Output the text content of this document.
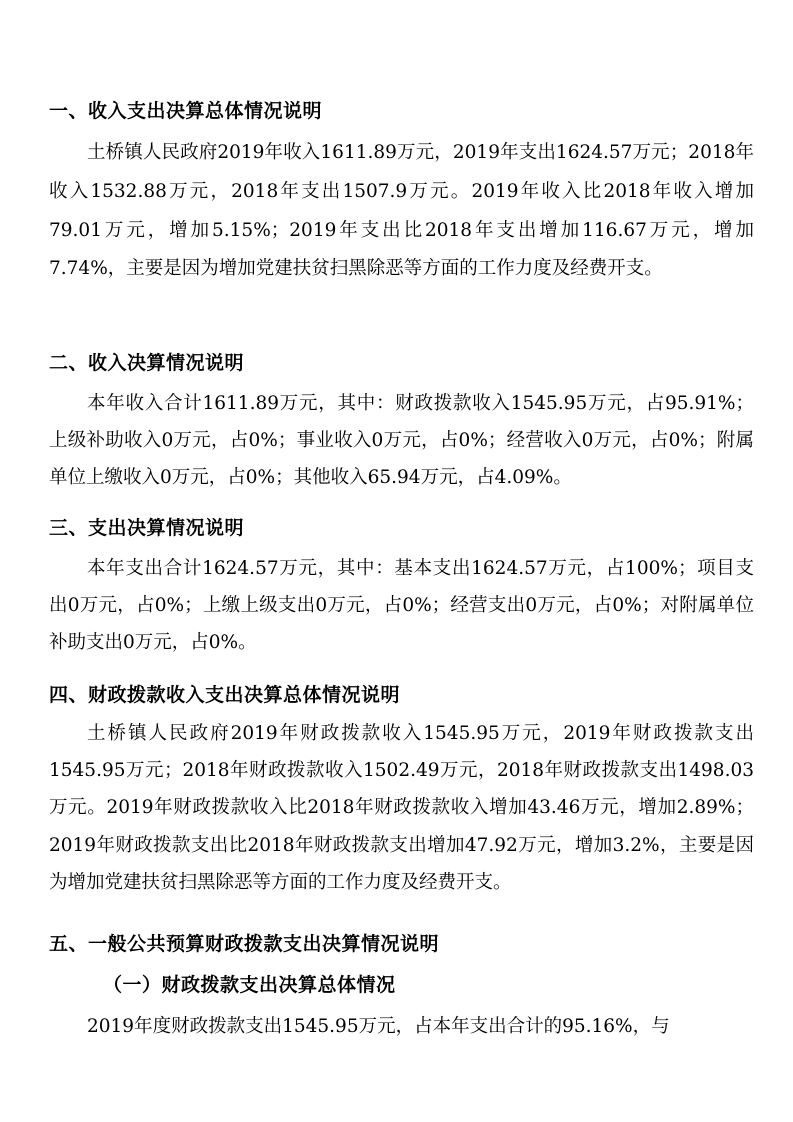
一、收入支出决算总体情况说明

土桥镇人民政府2019年收入1611.89万元，2019年支出1624.57万元；2018年收入1532.88万元，2018年支出1507.9万元。2019年收入比2018年收入增加79.01万元，增加5.15%；2019年支出比2018年支出增加116.67万元，增加7.74%，主要是因为增加党建扶贫扫黑除恶等方面的工作力度及经费开支。

二、收入决算情况说明

本年收入合计1611.89万元，其中：财政拨款收入1545.95万元，占95.91%；上级补助收入0万元，占0%；事业收入0万元，占0%；经营收入0万元，占0%；附属单位上缴收入0万元，占0%；其他收入65.94万元，占4.09%。

三、支出决算情况说明

本年支出合计1624.57万元，其中：基本支出1624.57万元，占100%；项目支出0万元，占0%；上缴上级支出0万元，占0%；经营支出0万元，占0%；对附属单位补助支出0万元，占0%。

四、财政拨款收入支出决算总体情况说明

土桥镇人民政府2019年财政拨款收入1545.95万元，2019年财政拨款支出1545.95万元；2018年财政拨款收入1502.49万元，2018年财政拨款支出1498.03万元。2019年财政拨款收入比2018年财政拨款收入增加43.46万元，增加2.89%；2019年财政拨款支出比2018年财政拨款支出增加47.92万元，增加3.2%，主要是因为增加党建扶贫扫黑除恶等方面的工作力度及经费开支。

五、一般公共预算财政拨款支出决算情况说明
（一）财政拨款支出决算总体情况

2019年度财政拨款支出1545.95万元，占本年支出合计的95.16%，与
